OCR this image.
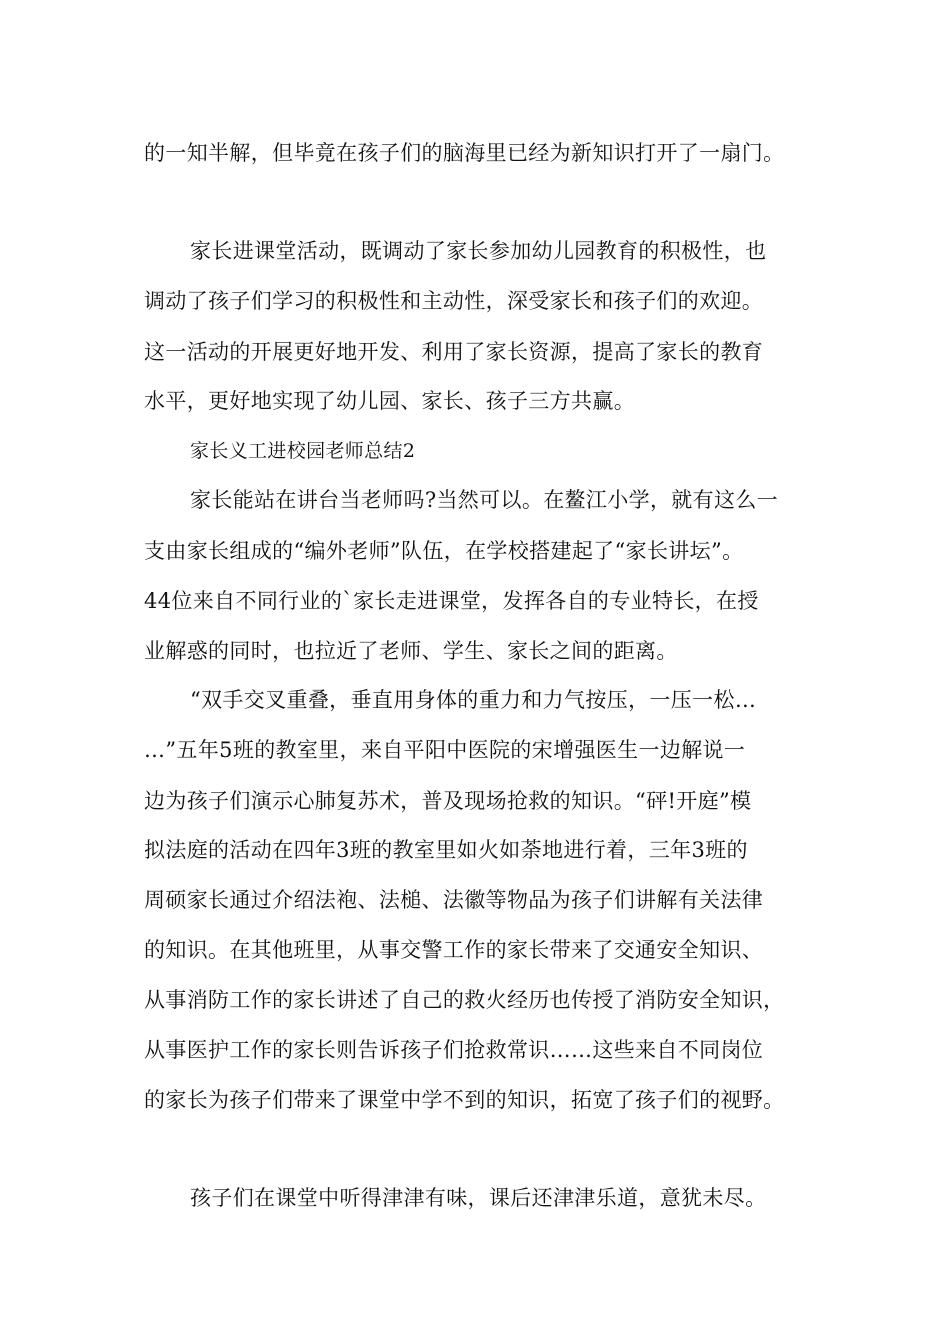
的一知半解，但毕竟在孩子们的脑海里已经为新知识打开了一扇门。
家长进课堂活动，既调动了家长参加幼儿园教育的积极性，也
调动了孩子们学习的积极性和主动性，深受家长和孩子们的欢迎。
这一活动的开展更好地开发、利用了家长资源，提高了家长的教育
水平，更好地实现了幼儿园、家长、孩子三方共赢。
家长义工进校园老师总结2
家长能站在讲台当老师吗?当然可以。在鳌江小学，就有这么一
支由家长组成的“编外老师”队伍，在学校搭建起了“家长讲坛”。
44位来自不同行业的`家长走进课堂，发挥各自的专业特长，在授
业解惑的同时，也拉近了老师、学生、家长之间的距离。
“双手交叉重叠，垂直用身体的重力和力气按压，一压一松…
…”五年5班的教室里，来自平阳中医院的宋增强医生一边解说一
边为孩子们演示心肺复苏术，普及现场抢救的知识。“砰!开庭”模
拟法庭的活动在四年3班的教室里如火如荼地进行着，三年3班的
周硕家长通过介绍法袍、法槌、法徽等物品为孩子们讲解有关法律
的知识。在其他班里，从事交警工作的家长带来了交通安全知识、
从事消防工作的家长讲述了自己的救火经历也传授了消防安全知识，
从事医护工作的家长则告诉孩子们抢救常识……这些来自不同岗位
的家长为孩子们带来了课堂中学不到的知识，拓宽了孩子们的视野。
孩子们在课堂中听得津津有味，课后还津津乐道，意犹未尽。
